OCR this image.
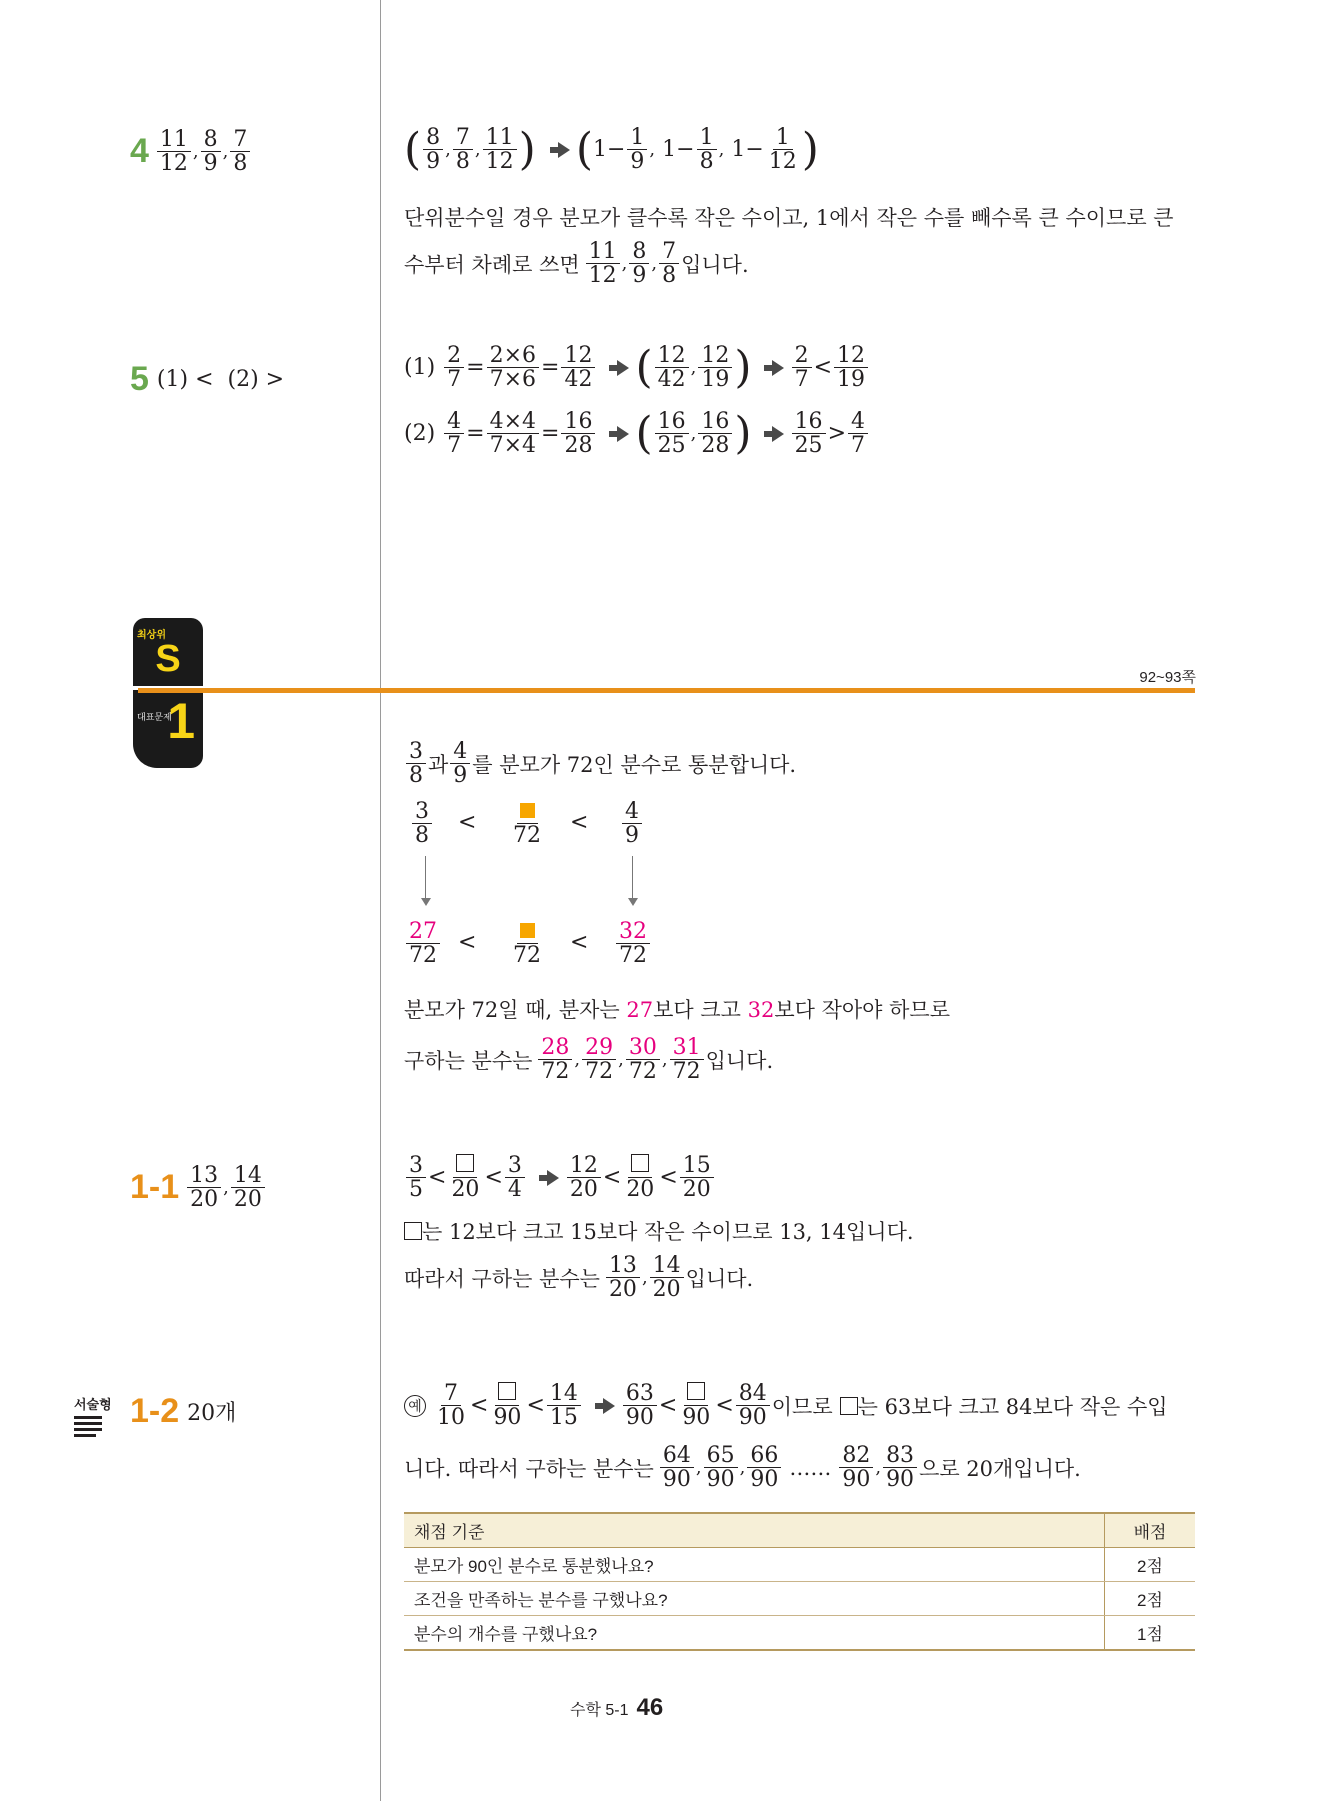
$4 \frac{11}{12}$ , $\frac{8}{9}$ , $\frac{7}{8}$	( $\frac{8}{9}$ , $\frac{7}{8}$ , $\frac{11}{12}$ ) ( $1- \frac{1}{9}$ , $1- \frac{1}{8}$ , $1- \frac{1}{12}$ )
단위분수일 경우 분모가 클수록 작은 수이고, 1에서 작은 수를 빼수록 큰 수이므로 큰
수부터 차례로 쓰면 $\frac{11}{12}$ , $\frac{8}{9}$ , $\frac{7}{8}$ 입니다.
5 (1) < (2) >	(1)
$\frac{2}{7} = \frac{2\times 6}{7\times 6} = \frac{12}{42}$ ( $\frac{12}{42}$ , $\frac{12}{19}$ ) $\frac{2}{7} < \frac{12}{19}$
(2)
$\frac{4}{7} = \frac{4\times 4}{7\times 4} = \frac{16}{28}$ ( $\frac{16}{25}$ , $\frac{16}{28}$ ) $\frac{16}{25} > \frac{4}{7}$
최상위
S
대표문제
1
92~93쪽
$\frac{3}{8}$ 과 $\frac{4}{9}$ 를 분모가 72인 분수로 통분합니다.
$\frac{3}{8}$ <
72
< $\frac{4}{9}$
$\frac{27}{72}$ <
72
< $\frac{32}{72}$
분모가 72일 때, 분자는 27보다 크고 32보다 작아야 하므로
구하는 분수는 $\frac{28}{72}$ , $\frac{29}{72}$ , $\frac{30}{72}$ , $\frac{31}{72}$ 입니다.
$1-1 \frac{13}{20}$ , $\frac{14}{20}$	$\frac{3}{5} < 20 < \frac{3}{4} \frac{12}{20} < 20 < \frac{15}{20}$
는 12보다 크고 15보다 작은 수이므로 13, 14입니다.
따라서 구하는 분수는 $\frac{13}{20}$ , $\frac{14}{20}$ 입니다.
서술형 1-2 20개	예 $\frac{7}{10} < 90 < \frac{14}{15} \frac{63}{90} < 90 < \frac{84}{90}$ 이므로
는 63보다 크고 84보다 작은 수입
니다. 따라서 구하는 분수는 $\frac{64}{90}$ , $\frac{65}{90}$ , $\frac{66}{90}$ …… $\frac{82}{90}$ , $\frac{83}{90}$ 으로 20개입니다.
채점 기준	배점
분모가 90인 분수로 통분했나요?	2점
조건을 만족하는 분수를 구했나요?	2점
분수의 개수를 구했나요?	1점
수학 5-1 46
